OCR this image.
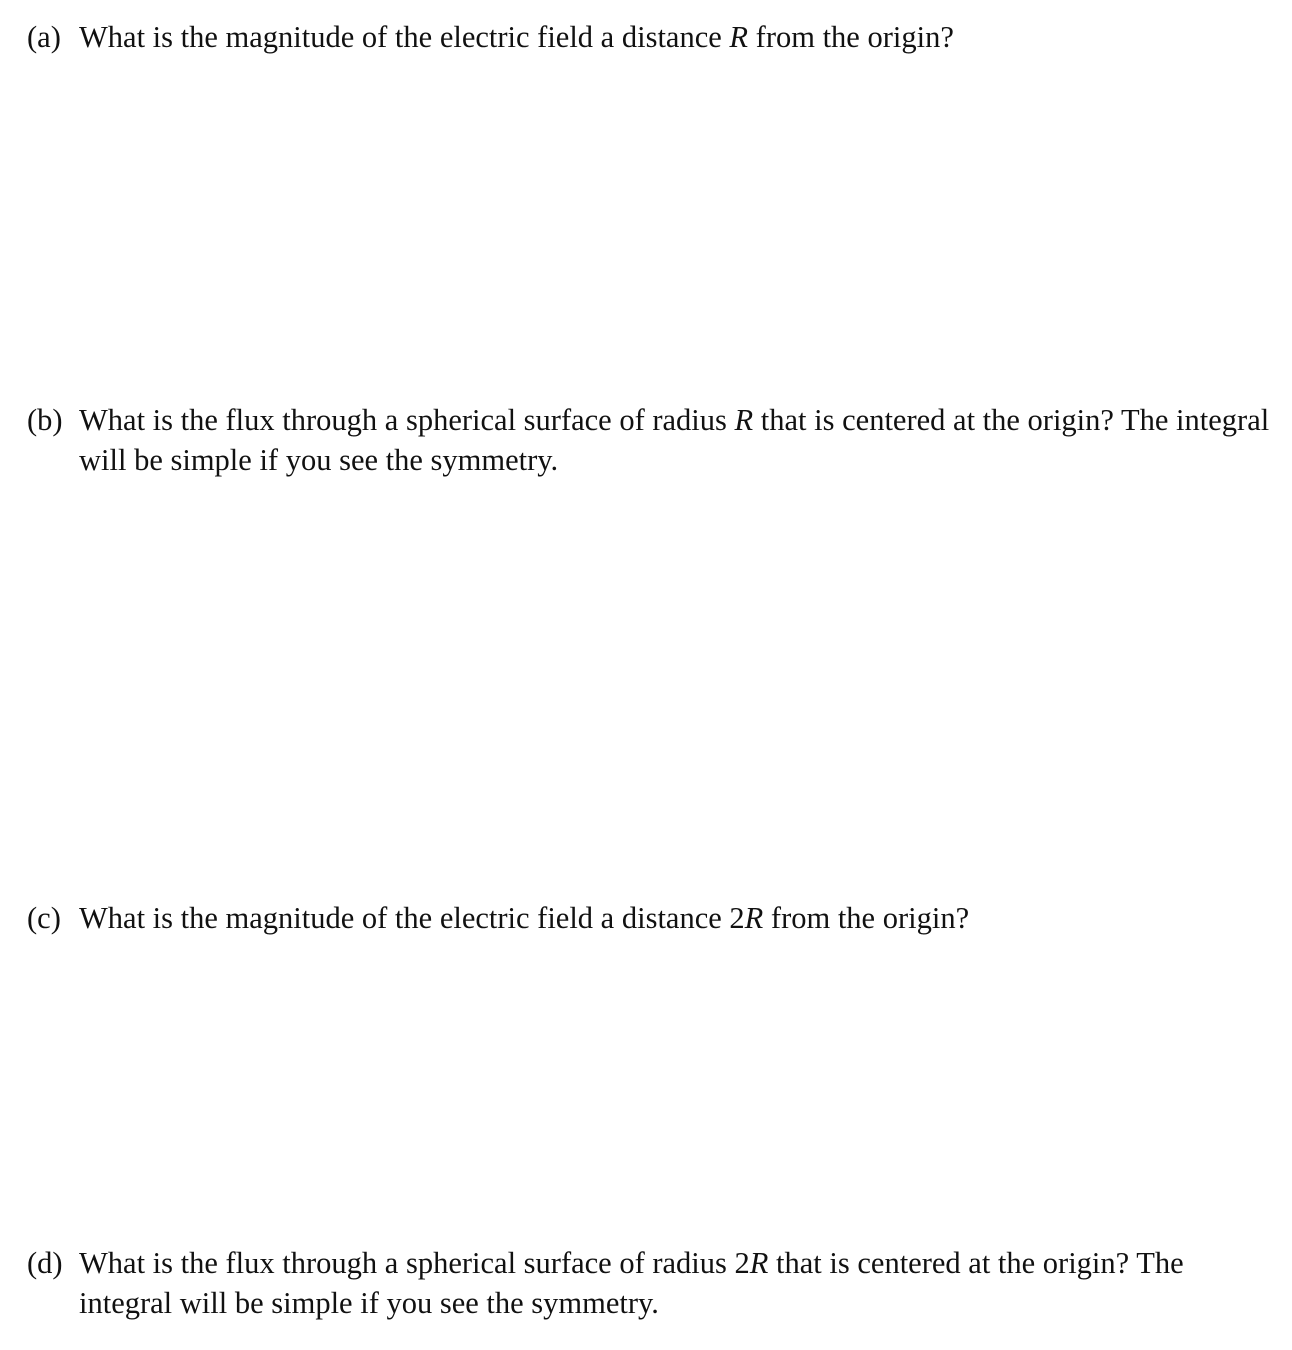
(a) What is the magnitude of the electric field a distance R from the origin?
(b) What is the flux through a spherical surface of radius R that is centered at the origin? The integral will be simple if you see the symmetry.
(c) What is the magnitude of the electric field a distance 2R from the origin?
(d) What is the flux through a spherical surface of radius 2R that is centered at the origin? The integral will be simple if you see the symmetry.
